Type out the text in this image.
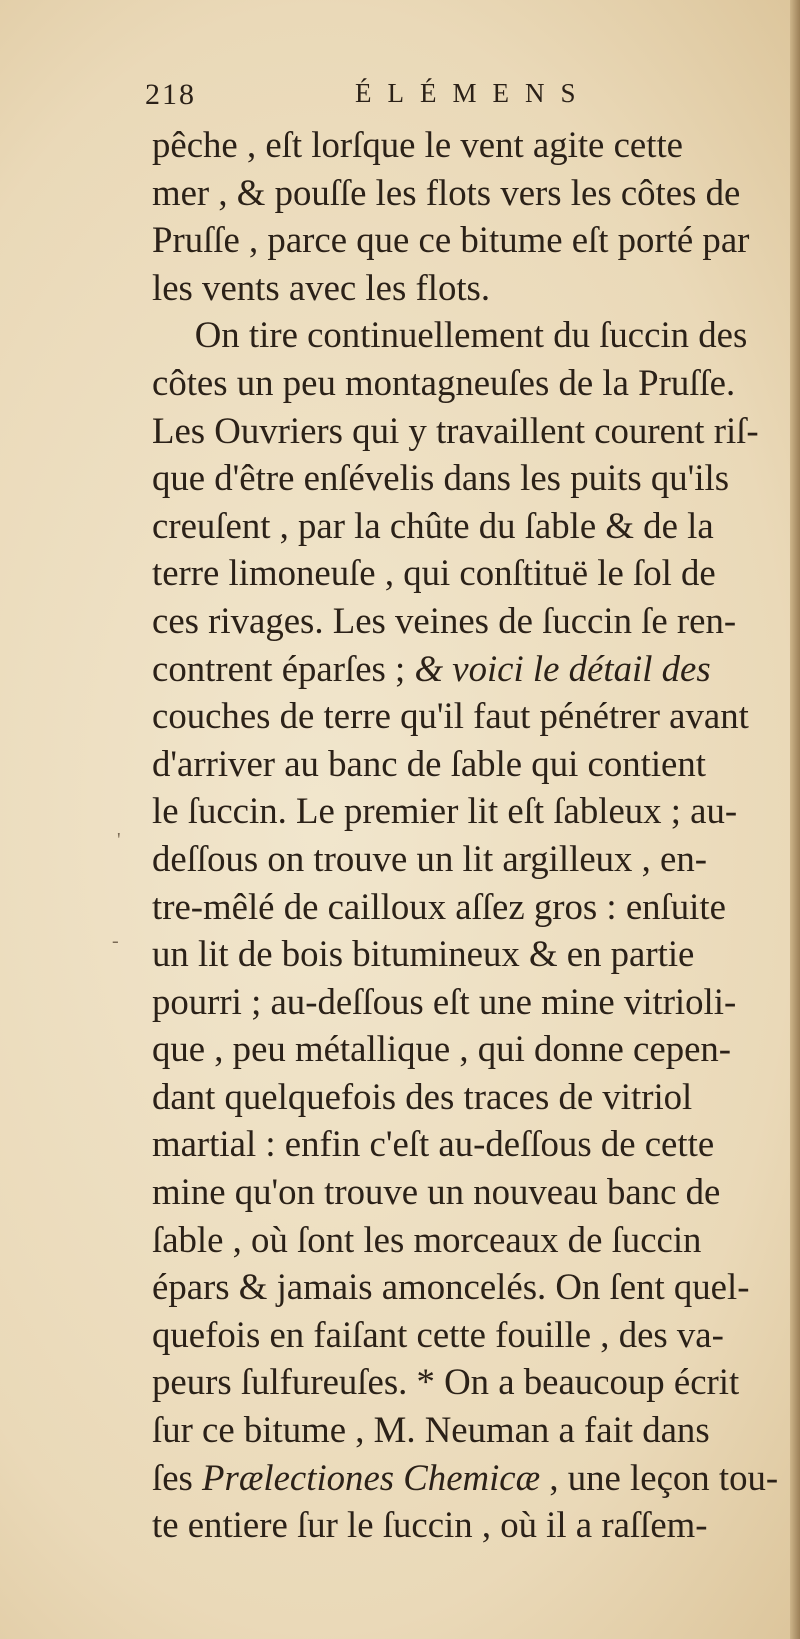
218	ÉLÉMENS
'
-
pêche , eſt lorſque le vent agite cette
mer , & pouſſe les flots vers les côtes de
Pruſſe , parce que ce bitume eſt porté par
les vents avec les flots.
On tire continuellement du ſuccin des
côtes un peu montagneuſes de la Pruſſe.
Les Ouvriers qui y travaillent courent riſ-
que d'être enſévelis dans les puits qu'ils
creuſent , par la chûte du ſable & de la
terre limoneuſe , qui conſtituë le ſol de
ces rivages. Les veines de ſuccin ſe ren-
contrent éparſes ; & voici le détail des
couches de terre qu'il faut pénétrer avant
d'arriver au banc de ſable qui contient
le ſuccin. Le premier lit eſt ſableux ; au-
deſſous on trouve un lit argilleux , en-
tre-mêlé de cailloux aſſez gros : enſuite
un lit de bois bitumineux & en partie
pourri ; au-deſſous eſt une mine vitrioli-
que , peu métallique , qui donne cepen-
dant quelquefois des traces de vitriol
martial : enfin c'eſt au-deſſous de cette
mine qu'on trouve un nouveau banc de
ſable , où ſont les morceaux de ſuccin
épars & jamais amoncelés. On ſent quel-
quefois en faiſant cette fouille , des va-
peurs ſulfureuſes. * On a beaucoup écrit
ſur ce bitume , M. Neuman a fait dans
ſes Prælectiones Chemicæ , une leçon tou-
te entiere ſur le ſuccin , où il a raſſem-
